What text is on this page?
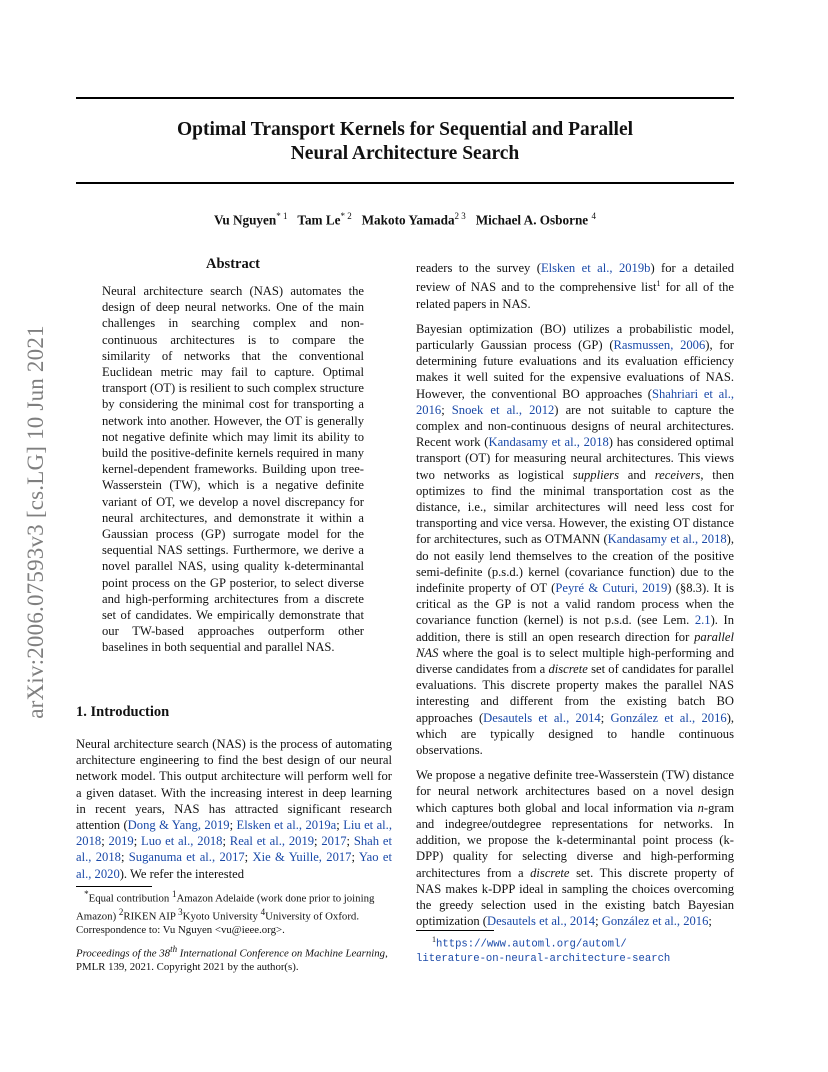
arXiv:2006.07593v3 [cs.LG] 10 Jun 2021
Optimal Transport Kernels for Sequential and Parallel
Neural Architecture Search
Vu Nguyen$^{* 1}$ Tam Le$^{* 2}$ Makoto Yamada$^{2 3}$ Michael A. Osborne $^4$
Abstract

Neural architecture search (NAS) automates the design of deep neural networks. One of the main challenges in searching complex and non-continuous architectures is to compare the similarity of networks that the conventional Euclidean metric may fail to capture. Optimal transport (OT) is resilient to such complex structure by considering the minimal cost for transporting a network into another. However, the OT is generally not negative definite which may limit its ability to build the positive-definite kernels required in many kernel-dependent frameworks. Building upon tree-Wasserstein (TW), which is a negative definite variant of OT, we develop a novel discrepancy for neural architectures, and demonstrate it within a Gaussian process (GP) surrogate model for the sequential NAS settings. Furthermore, we derive a novel parallel NAS, using quality k-determinantal point process on the GP posterior, to select diverse and high-performing architectures from a discrete set of candidates. We empirically demonstrate that our TW-based approaches outperform other baselines in both sequential and parallel NAS.

1. Introduction

Neural architecture search (NAS) is the process of automating architecture engineering to find the best design of our neural network model. This output architecture will perform well for a given dataset. With the increasing interest in deep learning in recent years, NAS has attracted significant research attention (Dong & Yang, 2019; Elsken et al., 2019a; Liu et al., 2018; 2019; Luo et al., 2018; Real et al., 2019; 2017; Shah et al., 2018; Suganuma et al., 2017; Xie & Yuille, 2017; Yao et al., 2020). We refer the interested

*Equal contribution $^1$Amazon Adelaide (work done prior to joining Amazon) $^2$RIKEN AIP $^3$Kyoto University $^4$University of Oxford. Correspondence to: Vu Nguyen <vu@ieee.org>.
Proceedings of the 38th International Conference on Machine Learning, PMLR 139, 2021. Copyright 2021 by the author(s).

readers to the survey (Elsken et al., 2019b) for a detailed review of NAS and to the comprehensive list$^1$ for all of the related papers in NAS.

Bayesian optimization (BO) utilizes a probabilistic model, particularly Gaussian process (GP) (Rasmussen, 2006), for determining future evaluations and its evaluation efficiency makes it well suited for the expensive evaluations of NAS. However, the conventional BO approaches (Shahriari et al., 2016; Snoek et al., 2012) are not suitable to capture the complex and non-continuous designs of neural architectures. Recent work (Kandasamy et al., 2018) has considered optimal transport (OT) for measuring neural architectures. This views two networks as logistical suppliers and receivers, then optimizes to find the minimal transportation cost as the distance, i.e., similar architectures will need less cost for transporting and vice versa. However, the existing OT distance for architectures, such as OTMANN (Kandasamy et al., 2018), do not easily lend themselves to the creation of the positive semi-definite (p.s.d.) kernel (covariance function) due to the indefinite property of OT (Peyré & Cuturi, 2019) (§8.3). It is critical as the GP is not a valid random process when the covariance function (kernel) is not p.s.d. (see Lem. 2.1). In addition, there is still an open research direction for parallel NAS where the goal is to select multiple high-performing and diverse candidates from a discrete set of candidates for parallel evaluations. This discrete property makes the parallel NAS interesting and different from the existing batch BO approaches (Desautels et al., 2014; González et al., 2016), which are typically designed to handle continuous observations.

We propose a negative definite tree-Wasserstein (TW) distance for neural network architectures based on a novel design which captures both global and local information via n-gram and indegree/outdegree representations for networks. In addition, we propose the k-determinantal point process (k-DPP) quality for selecting diverse and high-performing architectures from a discrete set. This discrete property of NAS makes k-DPP ideal in sampling the choices overcoming the greedy selection used in the existing batch Bayesian optimization (Desautels et al., 2014; González et al., 2016;

$^1$https://www.automl.org/automl/
literature-on-neural-architecture-search
